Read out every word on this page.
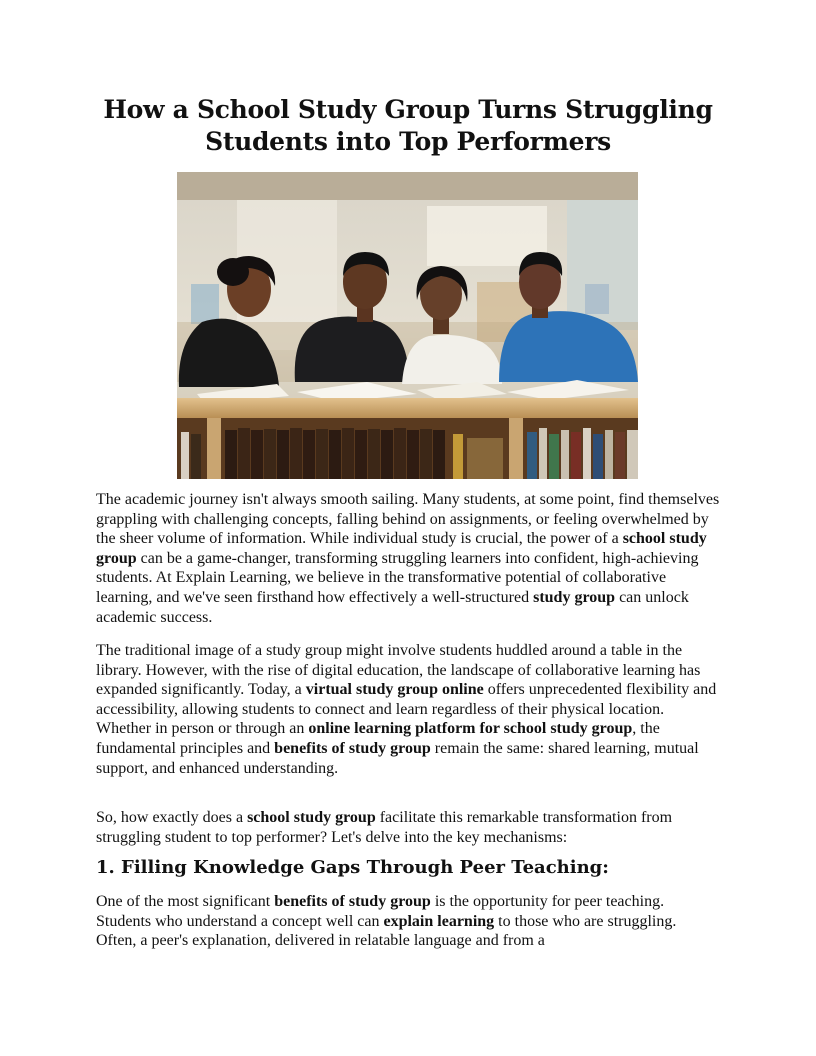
How a School Study Group Turns Struggling
Students into Top Performers

The academic journey isn't always smooth sailing. Many students, at some point, find themselves grappling with challenging concepts, falling behind on assignments, or feeling overwhelmed by the sheer volume of information. While individual study is crucial, the power of a school study group can be a game-changer, transforming struggling learners into confident, high-achieving students. At Explain Learning, we believe in the transformative potential of collaborative learning, and we've seen firsthand how effectively a well-structured study group can unlock academic success.

The traditional image of a study group might involve students huddled around a table in the library. However, with the rise of digital education, the landscape of collaborative learning has expanded significantly. Today, a virtual study group online offers unprecedented flexibility and accessibility, allowing students to connect and learn regardless of their physical location. Whether in person or through an online learning platform for school study group, the fundamental principles and benefits of study group remain the same: shared learning, mutual support, and enhanced understanding.

So, how exactly does a school study group facilitate this remarkable transformation from struggling student to top performer? Let's delve into the key mechanisms:

1. Filling Knowledge Gaps Through Peer Teaching:

One of the most significant benefits of study group is the opportunity for peer teaching. Students who understand a concept well can explain learning to those who are struggling. Often, a peer's explanation, delivered in relatable language and from a
